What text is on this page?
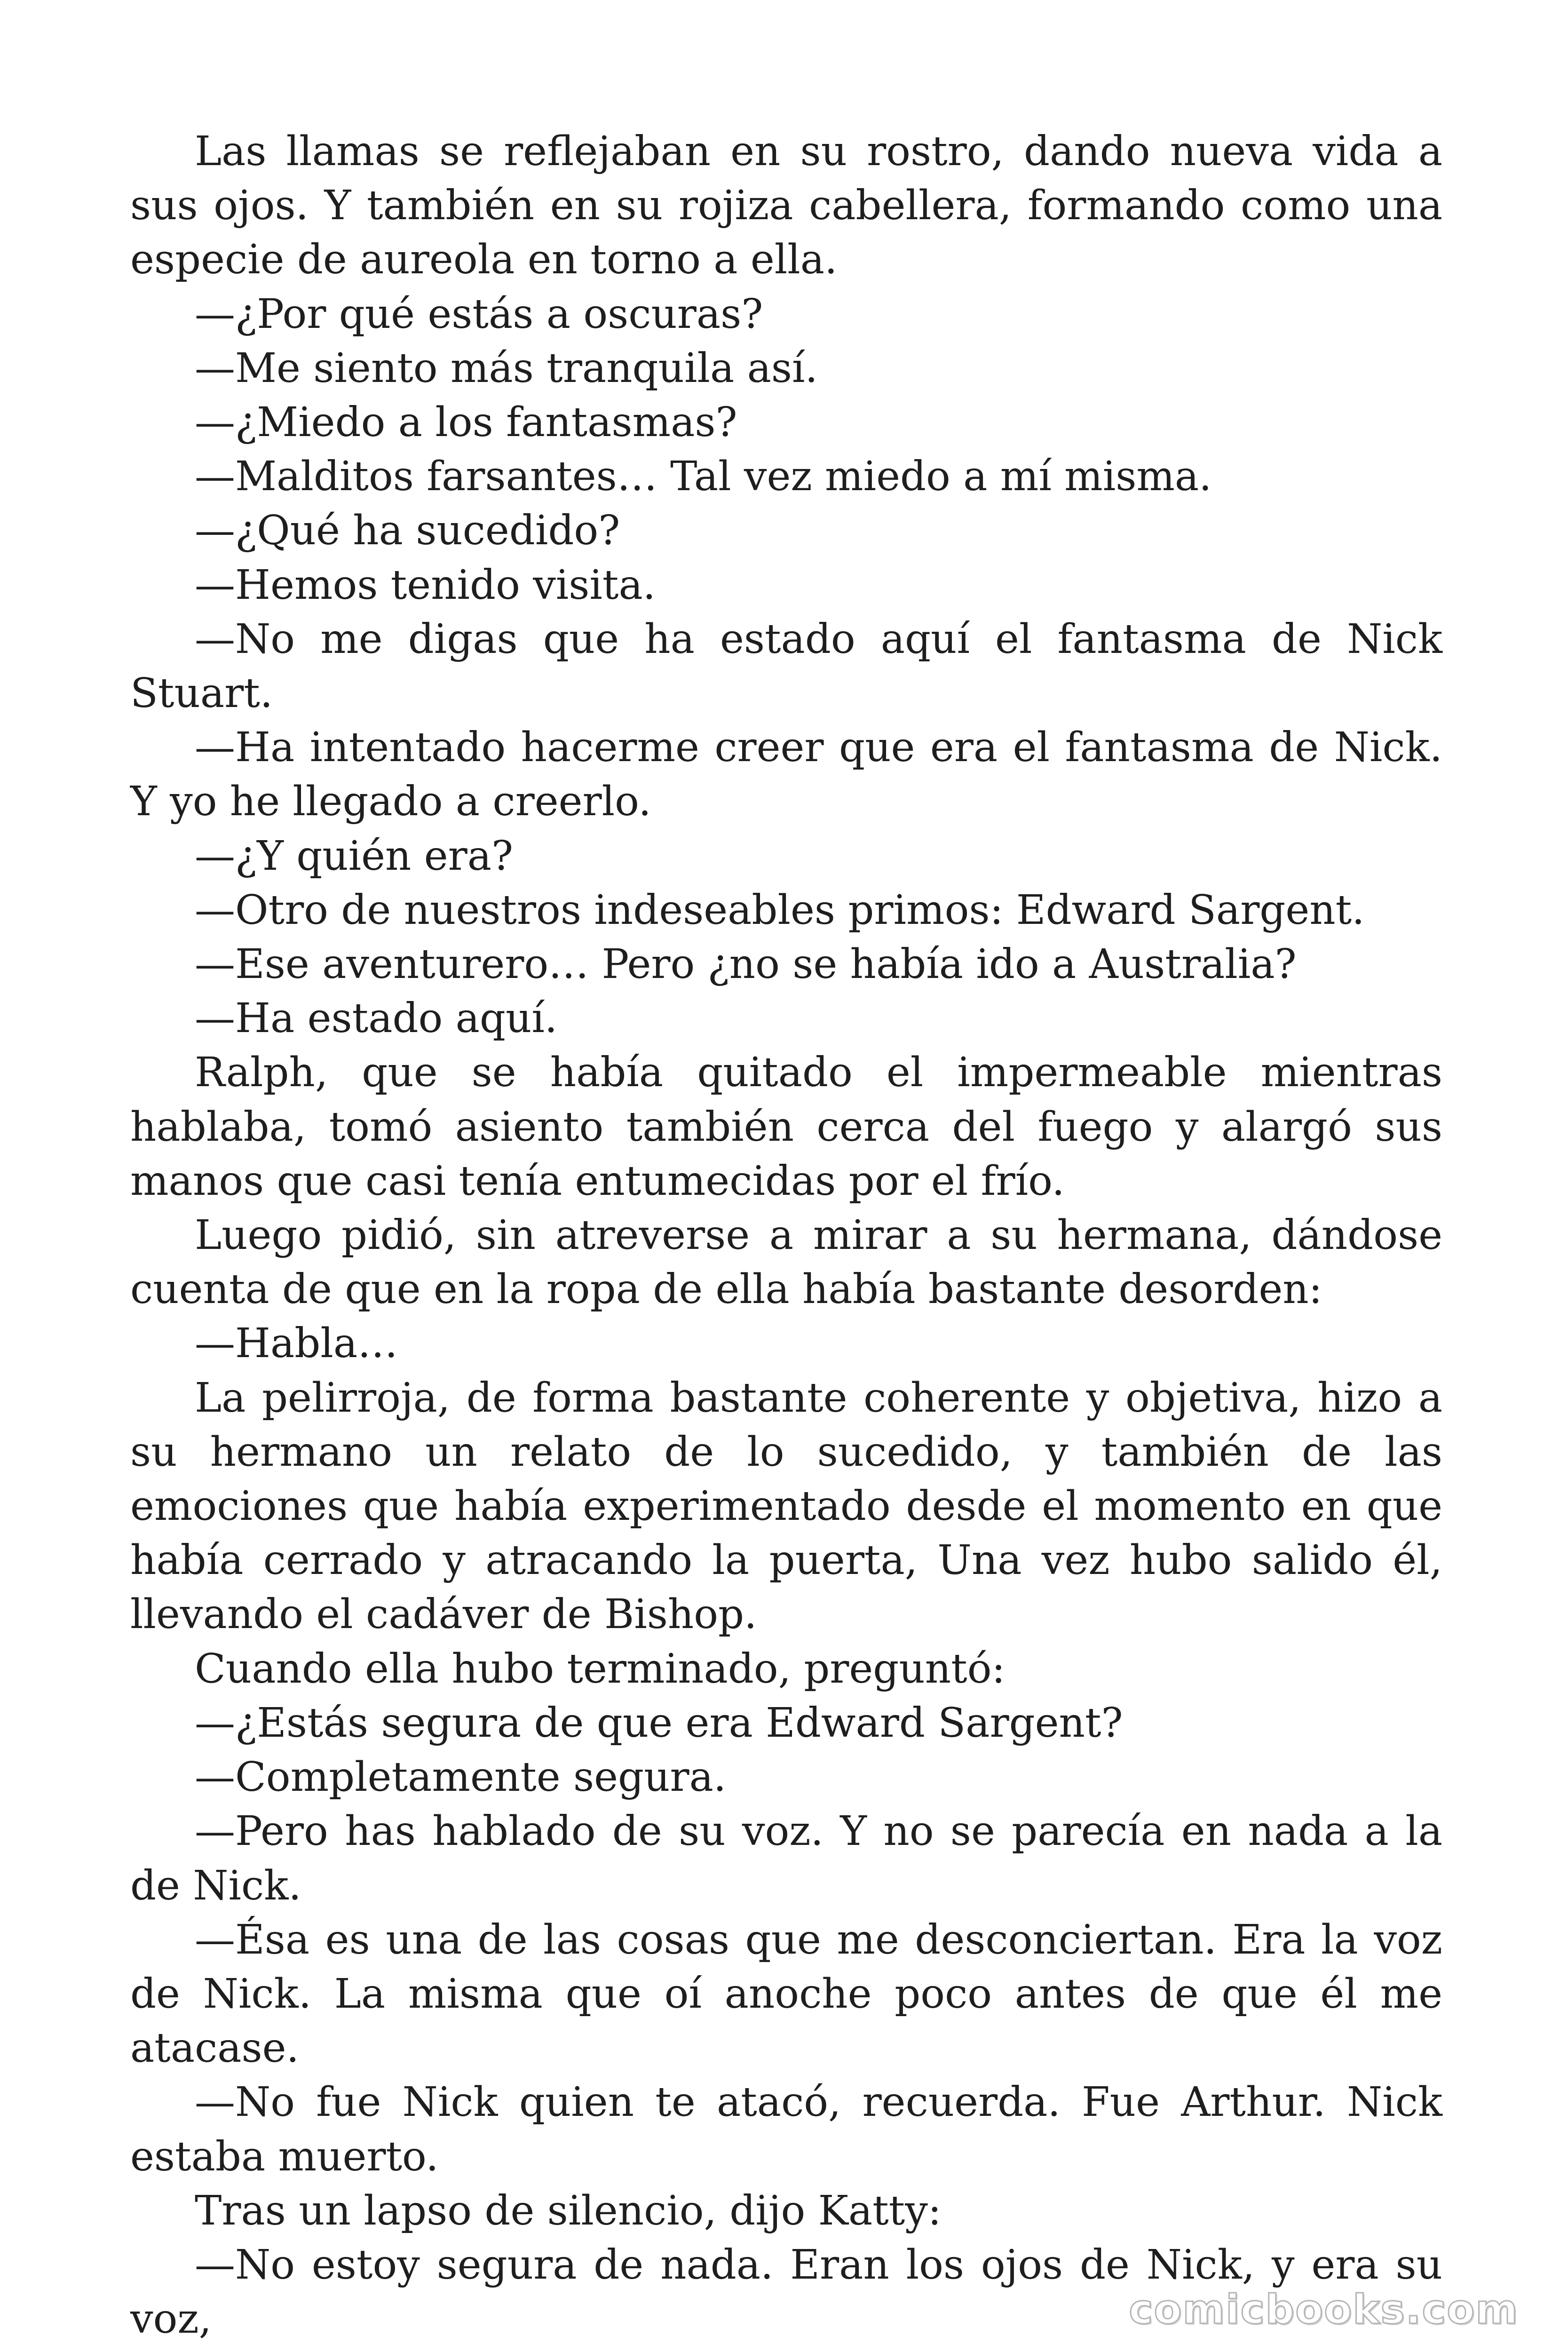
Las llamas se reflejaban en su rostro, dando nueva vida a sus ojos. Y también en su rojiza cabellera, formando como una especie de aureola en torno a ella.

—¿Por qué estás a oscuras?

—Me siento más tranquila así.

—¿Miedo a los fantasmas?

—Malditos farsantes… Tal vez miedo a mí misma.

—¿Qué ha sucedido?

—Hemos tenido visita.

—No me digas que ha estado aquí el fantasma de Nick Stuart.

—Ha intentado hacerme creer que era el fantasma de Nick. Y yo he llegado a creerlo.

—¿Y quién era?

—Otro de nuestros indeseables primos: Edward Sargent.

—Ese aventurero… Pero ¿no se había ido a Australia?

—Ha estado aquí.

Ralph, que se había quitado el impermeable mientras hablaba, tomó asiento también cerca del fuego y alargó sus manos que casi tenía entumecidas por el frío.

Luego pidió, sin atreverse a mirar a su hermana, dándose cuenta de que en la ropa de ella había bastante desorden:

—Habla…

La pelirroja, de forma bastante coherente y objetiva, hizo a su hermano un relato de lo sucedido, y también de las emociones que había experimentado desde el momento en que había cerrado y atracando la puerta, Una vez hubo salido él, llevando el cadáver de Bishop.

Cuando ella hubo terminado, preguntó:

—¿Estás segura de que era Edward Sargent?

—Completamente segura.

—Pero has hablado de su voz. Y no se parecía en nada a la de Nick.

—Ésa es una de las cosas que me desconciertan. Era la voz de Nick. La misma que oí anoche poco antes de que él me atacase.

—No fue Nick quien te atacó, recuerda. Fue Arthur. Nick estaba muerto.

Tras un lapso de silencio, dijo Katty:

—No estoy segura de nada. Eran los ojos de Nick, y era su voz,	comicbooks.com
